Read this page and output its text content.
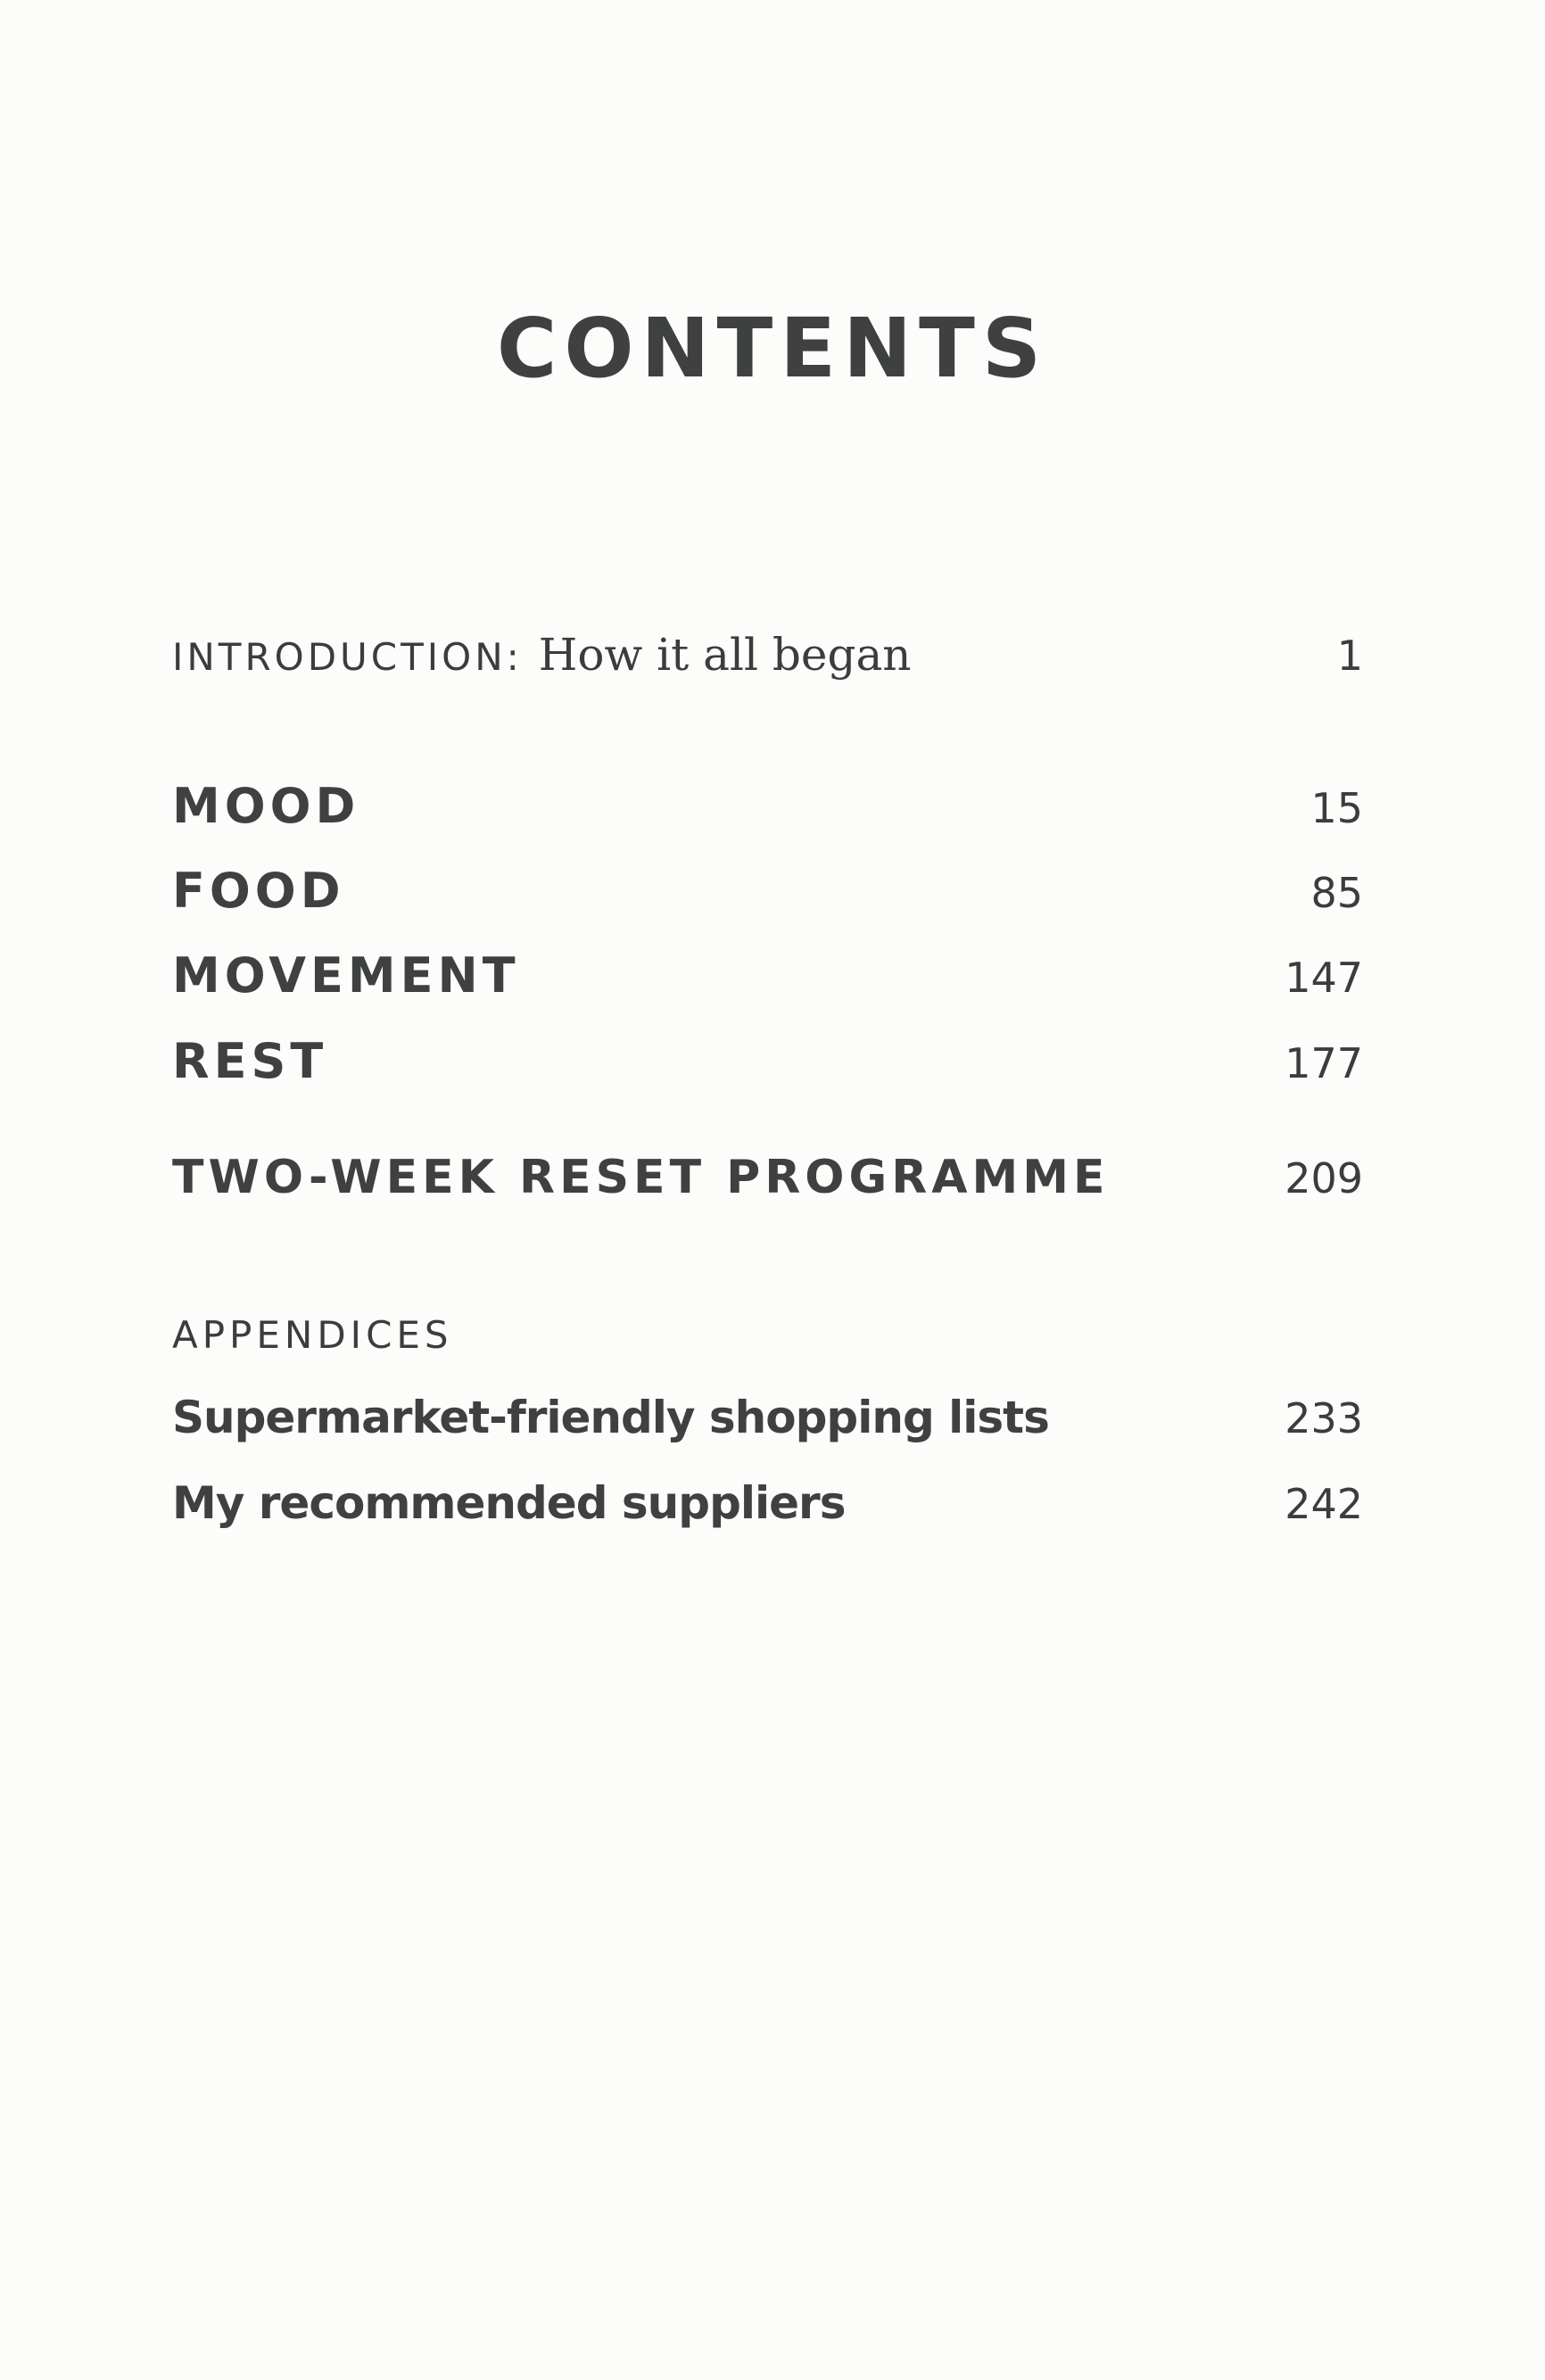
CONTENTS
INTRODUCTION: How it all began	1
MOOD	15
FOOD	85
MOVEMENT	147
REST	177
TWO-WEEK RESET PROGRAMME	209
APPENDICES
Supermarket-friendly shopping lists	233
My recommended suppliers	242
